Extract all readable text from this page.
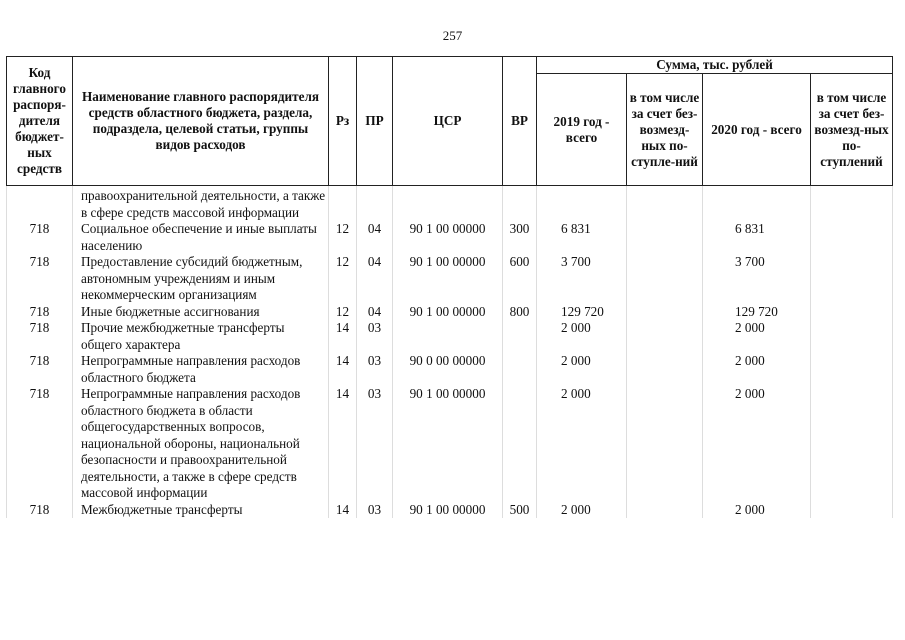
257
Код главного распоря-дителя бюджет-ных средств	Наименование главного распорядителя средств областного бюджета, раздела, подраздела, целевой статьи, группы видов расходов	Рз	ПР	ЦСР	ВР	Сумма, тыс. рублей			
						2019 год - всего	в том числе за счет без-возмезд-ных по-ступле-ний	2020 год - всего	в том числе за счет без-возмезд-ных по-ступлений
	правоохранительной деятельности, а также в сфере средств массовой информации								
718	Социальное обеспечение и иные выплаты населению	12	04	90 1 00 00000	300	6 831		6 831	
718	Предоставление субсидий бюджетным, автономным учреждениям и иным некоммерческим организациям	12	04	90 1 00 00000	600	3 700		3 700	
718	Иные бюджетные ассигнования	12	04	90 1 00 00000	800	129 720		129 720	
718	Прочие межбюджетные трансферты общего характера	14	03			2 000		2 000	
718	Непрограммные направления расходов областного бюджета	14	03	90 0 00 00000		2 000		2 000	
718	Непрограммные направления расходов областного бюджета в области общегосударственных вопросов, национальной обороны, национальной безопасности и правоохранительной деятельности, а также в сфере средств массовой информации	14	03	90 1 00 00000		2 000		2 000	
718	Межбюджетные трансферты	14	03	90 1 00 00000	500	2 000		2 000	
